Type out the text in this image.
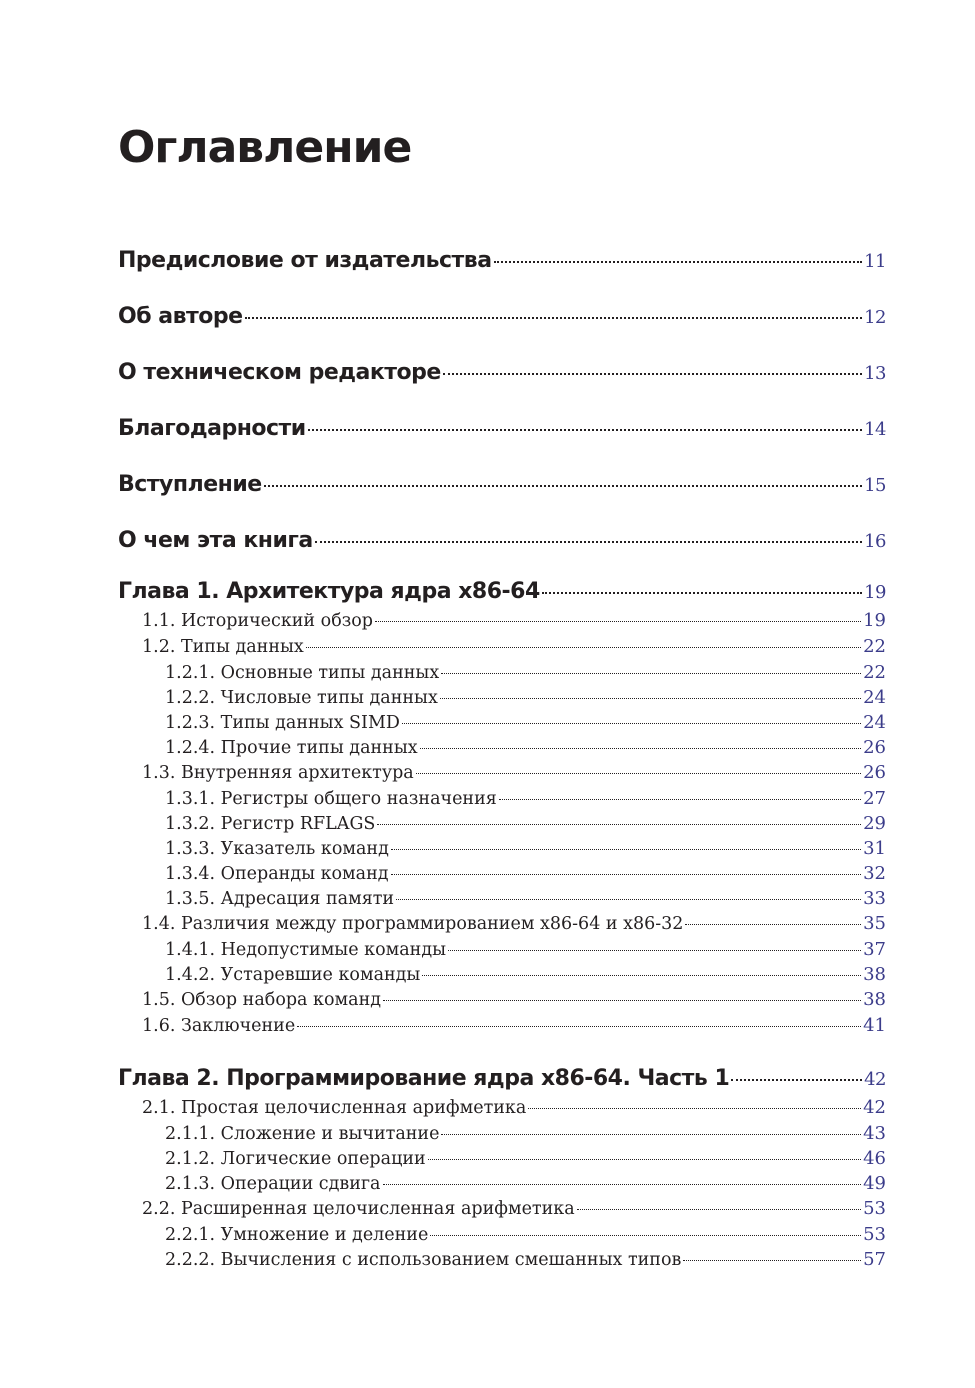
Оглавление
Предисловие от издательства	11
Об авторе	12
О техническом редакторе	13
Благодарности	14
Вступление	15
О чем эта книга	16
Глава 1. Архитектура ядра x86-64	19
1.1. Исторический обзор	19
1.2. Типы данных	22
1.2.1. Основные типы данных	22
1.2.2. Числовые типы данных	24
1.2.3. Типы данных SIMD	24
1.2.4. Прочие типы данных	26
1.3. Внутренняя архитектура	26
1.3.1. Регистры общего назначения	27
1.3.2. Регистр RFLAGS	29
1.3.3. Указатель команд	31
1.3.4. Операнды команд	32
1.3.5. Адресация памяти	33
1.4. Различия между программированием x86-64 и x86-32	35
1.4.1. Недопустимые команды	37
1.4.2. Устаревшие команды	38
1.5. Обзор набора команд	38
1.6. Заключение	41
Глава 2. Программирование ядра x86-64. Часть 1	42
2.1. Простая целочисленная арифметика	42
2.1.1. Сложение и вычитание	43
2.1.2. Логические операции	46
2.1.3. Операции сдвига	49
2.2. Расширенная целочисленная арифметика	53
2.2.1. Умножение и деление	53
2.2.2. Вычисления с использованием смешанных типов	57
